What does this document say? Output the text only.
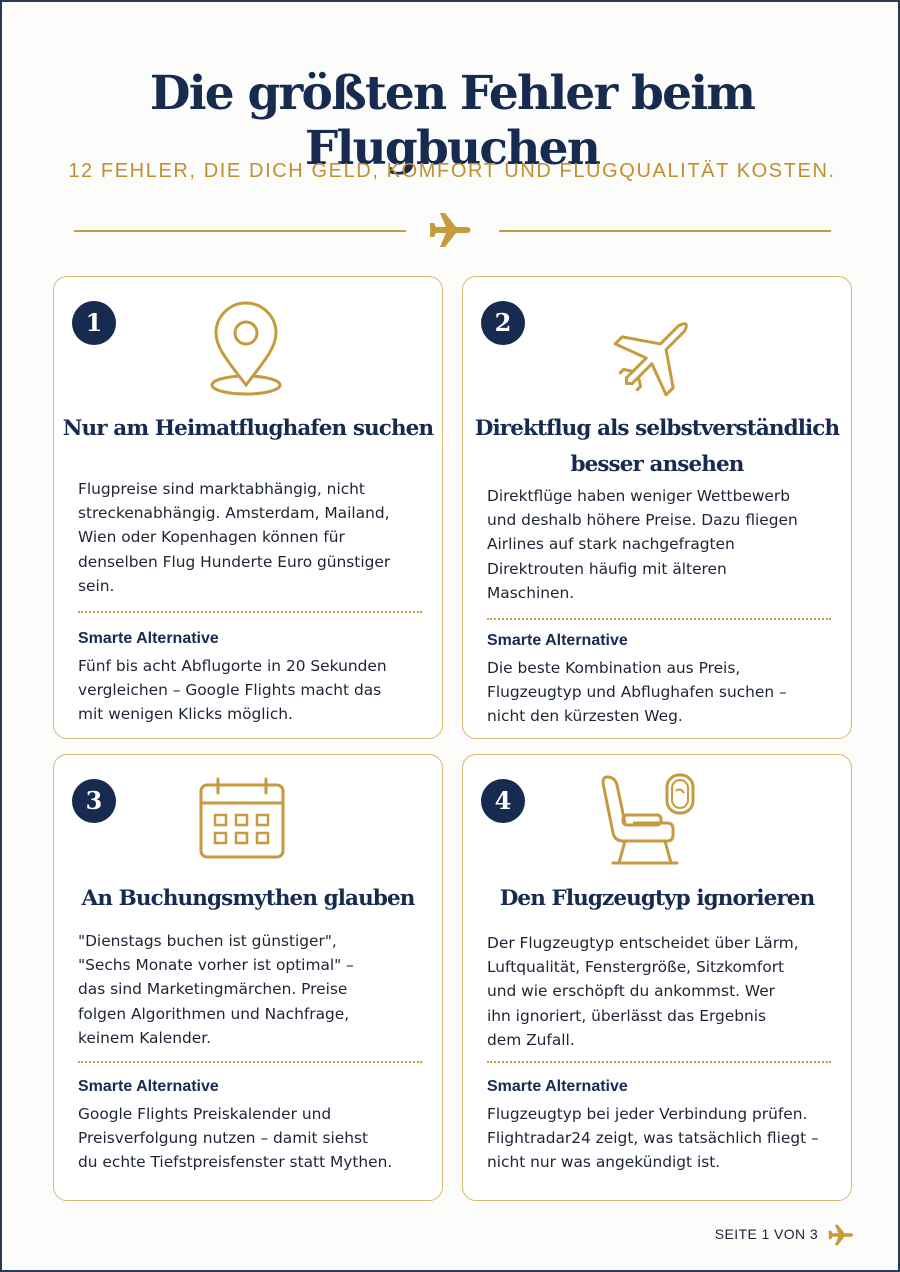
Die größten Fehler beim Flugbuchen
12 FEHLER, DIE DICH GELD, KOMFORT UND FLUGQUALITÄT KOSTEN.
1
Nur am Heimatflughafen suchen
Flugpreise sind marktabhängig, nicht
streckenabhängig. Amsterdam, Mailand,
Wien oder Kopenhagen können für
denselben Flug Hunderte Euro günstiger
sein.
Smarte Alternative
Fünf bis acht Abflugorte in 20 Sekunden
vergleichen – Google Flights macht das
mit wenigen Klicks möglich.
2
Direktflug als selbstverständlich
besser ansehen
Direktflüge haben weniger Wettbewerb
und deshalb höhere Preise. Dazu fliegen
Airlines auf stark nachgefragten
Direktrouten häufig mit älteren
Maschinen.
Smarte Alternative
Die beste Kombination aus Preis,
Flugzeugtyp und Abflughafen suchen –
nicht den kürzesten Weg.
3
An Buchungsmythen glauben
"Dienstags buchen ist günstiger",
"Sechs Monate vorher ist optimal" –
das sind Marketingmärchen. Preise
folgen Algorithmen und Nachfrage,
keinem Kalender.
Smarte Alternative
Google Flights Preiskalender und
Preisverfolgung nutzen – damit siehst
du echte Tiefstpreisfenster statt Mythen.
4
Den Flugzeugtyp ignorieren
Der Flugzeugtyp entscheidet über Lärm,
Luftqualität, Fenstergröße, Sitzkomfort
und wie erschöpft du ankommst. Wer
ihn ignoriert, überlässt das Ergebnis
dem Zufall.
Smarte Alternative
Flugzeugtyp bei jeder Verbindung prüfen.
Flightradar24 zeigt, was tatsächlich fliegt –
nicht nur was angekündigt ist.
SEITE 1 VON 3
